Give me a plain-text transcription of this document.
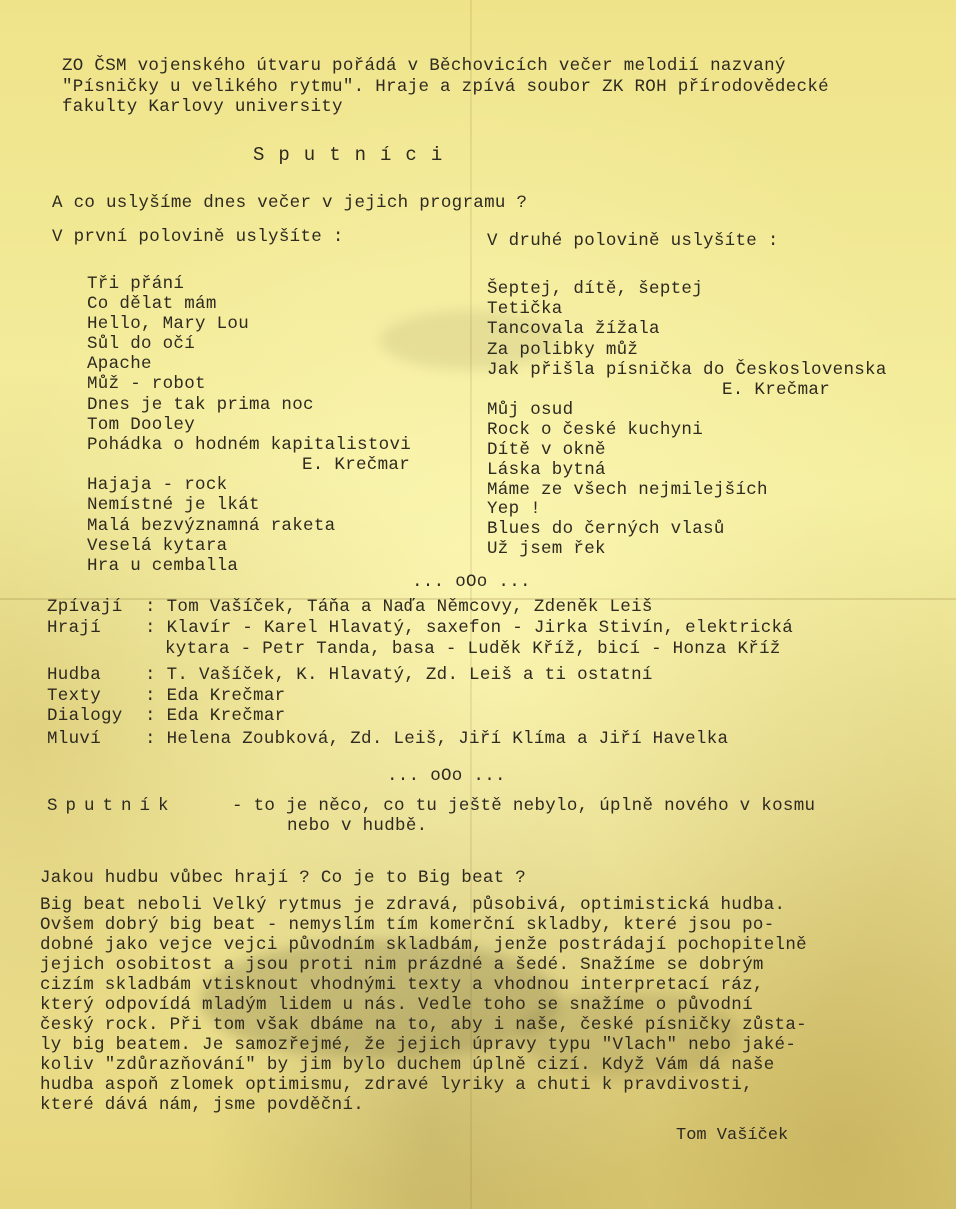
ZO ČSM vojenského útvaru pořádá v Běchovicích večer melodií nazvaný
"Písničky u velikého rytmu". Hraje a zpívá soubor ZK ROH přírodovědecké
fakulty Karlovy university
Sputníci
A co uslyšíme dnes večer v jejich programu ?
V první polovině uslyšíte :
Tři přání
Co dělat mám
Hello, Mary Lou
Sůl do očí
Apache
Můž - robot
Dnes je tak prima noc
Tom Dooley
Pohádka o hodném kapitalistovi
E. Krečmar
Hajaja - rock
Nemístné je lkát
Malá bezvýznamná raketa
Veselá kytara
Hra u cemballa
V druhé polovině uslyšíte :
Šeptej, dítě, šeptej
Tetička
Tancovala žížala
Za polibky můž
Jak přišla písnička do Československa
E. Krečmar
Můj osud
Rock o české kuchyni
Dítě v okně
Láska bytná
Máme ze všech nejmilejších
Yep !
Blues do černých vlasů
Už jsem řek
... oOo ...
Zpívají : Tom Vašíček, Táňa a Naďa Němcovy, Zdeněk Leiš
Hrají	: Klavír - Karel Hlavatý, saxefon - Jirka Stivín, elektrická
kytara - Petr Tanda, basa - Luděk Kříž, bicí - Honza Kříž
Hudba	: T. Vašíček, K. Hlavatý, Zd. Leiš a ti ostatní
Texty	: Eda Krečmar
Dialogy : Eda Krečmar
Mluví	: Helena Zoubková, Zd. Leiš, Jiří Klíma a Jiří Havelka
... oOo ...
Sputník	- to je něco, co tu ještě nebylo, úplně nového v kosmu
nebo v hudbě.
Jakou hudbu vůbec hrají ? Co je to Big beat ?
Big beat neboli Velký rytmus je zdravá, působivá, optimistická hudba.
Ovšem dobrý big beat - nemyslím tím komerční skladby, které jsou po-
dobné jako vejce vejci původním skladbám, jenže postrádají pochopitelně
jejich osobitost a jsou proti nim prázdné a šedé. Snažíme se dobrým
cizím skladbám vtisknout vhodnými texty a vhodnou interpretací ráz,
který odpovídá mladým lidem u nás. Vedle toho se snažíme o původní
český rock. Při tom však dbáme na to, aby i naše, české písničky zůsta-
ly big beatem. Je samozřejmé, že jejich úpravy typu "Vlach" nebo jaké-
koliv "zdůrazňování" by jim bylo duchem úplně cizí. Když Vám dá naše
hudba aspoň zlomek optimismu, zdravé lyriky a chuti k pravdivosti,
které dává nám, jsme povděční.
Tom Vašíček
